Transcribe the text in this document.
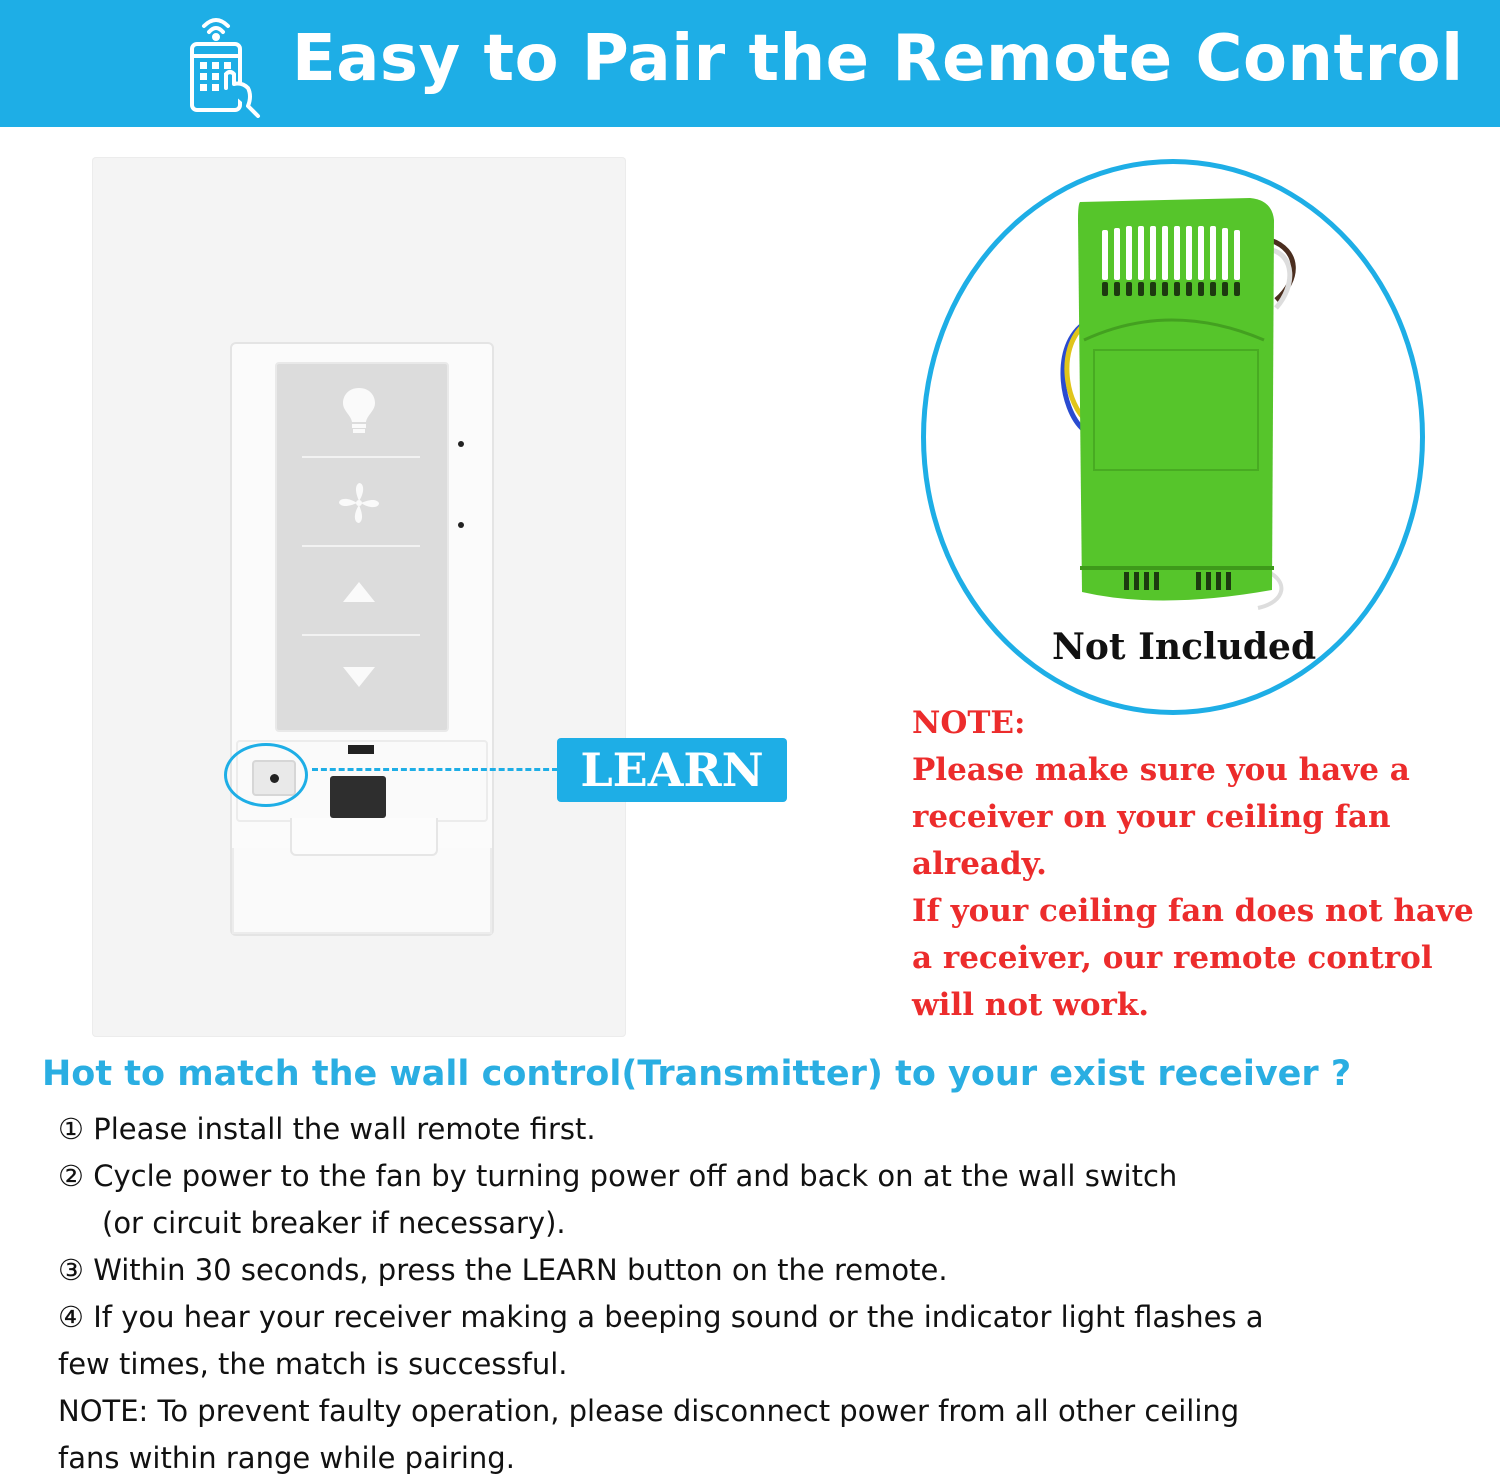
Easy to Pair the Remote Control
LEARN
Not Included
NOTE:
Please make sure you have a
receiver on your ceiling fan
already.
If your ceiling fan does not have
a receiver, our remote control
will not work.
Hot to match the wall control(Transmitter) to your exist receiver ?
① Please install the wall remote first.
② Cycle power to the fan by turning power off and back on at the wall switch
(or circuit breaker if necessary).
③ Within 30 seconds, press the LEARN button on the remote.
④ If you hear your receiver making a beeping sound or the indicator light flashes a
few times, the match is successful.
NOTE: To prevent faulty operation, please disconnect power from all other ceiling
fans within range while pairing.
